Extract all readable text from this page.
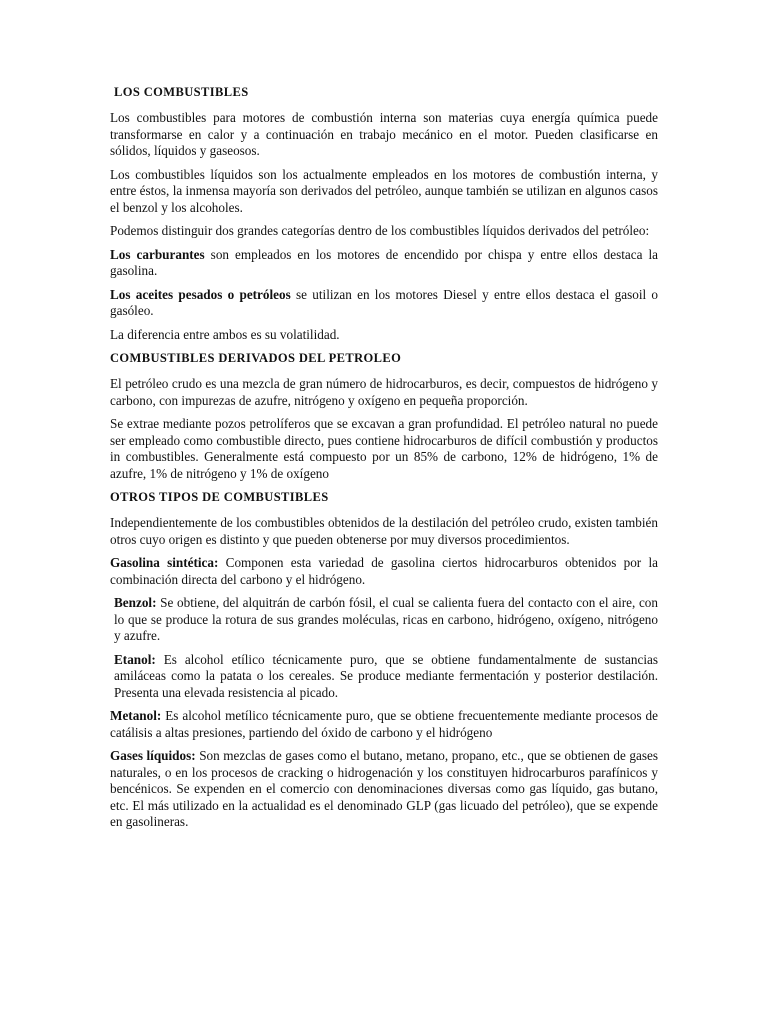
LOS COMBUSTIBLES

Los combustibles para motores de combustión interna son materias cuya energía química puede transformarse en calor y a continuación en trabajo mecánico en el motor. Pueden clasificarse en sólidos, líquidos y gaseosos.

Los combustibles líquidos son los actualmente empleados en los motores de combustión interna, y entre éstos, la inmensa mayoría son derivados del petróleo, aunque también se utilizan en algunos casos el benzol y los alcoholes.

Podemos distinguir dos grandes categorías dentro de los combustibles líquidos derivados del petróleo:

Los carburantes son empleados en los motores de encendido por chispa y entre ellos destaca la gasolina.

Los aceites pesados o petróleos se utilizan en los motores Diesel y entre ellos destaca el gasoil o gasóleo.

La diferencia entre ambos es su volatilidad.

COMBUSTIBLES DERIVADOS DEL PETROLEO

El petróleo crudo es una mezcla de gran número de hidrocarburos, es decir, compuestos de hidrógeno y carbono, con impurezas de azufre, nitrógeno y oxígeno en pequeña proporción.

Se extrae mediante pozos petrolíferos que se excavan a gran profundidad. El petróleo natural no puede ser empleado como combustible directo, pues contiene hidrocarburos de difícil combustión y productos in combustibles. Generalmente está compuesto por un 85% de carbono, 12% de hidrógeno, 1% de azufre, 1% de nitrógeno y 1% de oxígeno

OTROS TIPOS DE COMBUSTIBLES

Independientemente de los combustibles obtenidos de la destilación del petróleo crudo, existen también otros cuyo origen es distinto y que pueden obtenerse por muy diversos procedimientos.

Gasolina sintética: Componen esta variedad de gasolina ciertos hidrocarburos obtenidos por la combinación directa del carbono y el hidrógeno.

Benzol: Se obtiene, del alquitrán de carbón fósil, el cual se calienta fuera del contacto con el aire, con lo que se produce la rotura de sus grandes moléculas, ricas en carbono, hidrógeno, oxígeno, nitrógeno y azufre.

Etanol: Es alcohol etílico técnicamente puro, que se obtiene fundamentalmente de sustancias amiláceas como la patata o los cereales. Se produce mediante fermentación y posterior destilación. Presenta una elevada resistencia al picado.

Metanol: Es alcohol metílico técnicamente puro, que se obtiene frecuentemente mediante procesos de catálisis a altas presiones, partiendo del óxido de carbono y el hidrógeno

Gases líquidos: Son mezclas de gases como el butano, metano, propano, etc., que se obtienen de gases naturales, o en los procesos de cracking o hidrogenación y los constituyen hidrocarburos parafínicos y bencénicos. Se expenden en el comercio con denominaciones diversas como gas líquido, gas butano, etc. El más utilizado en la actualidad es el denominado GLP (gas licuado del petróleo), que se expende en gasolineras.
